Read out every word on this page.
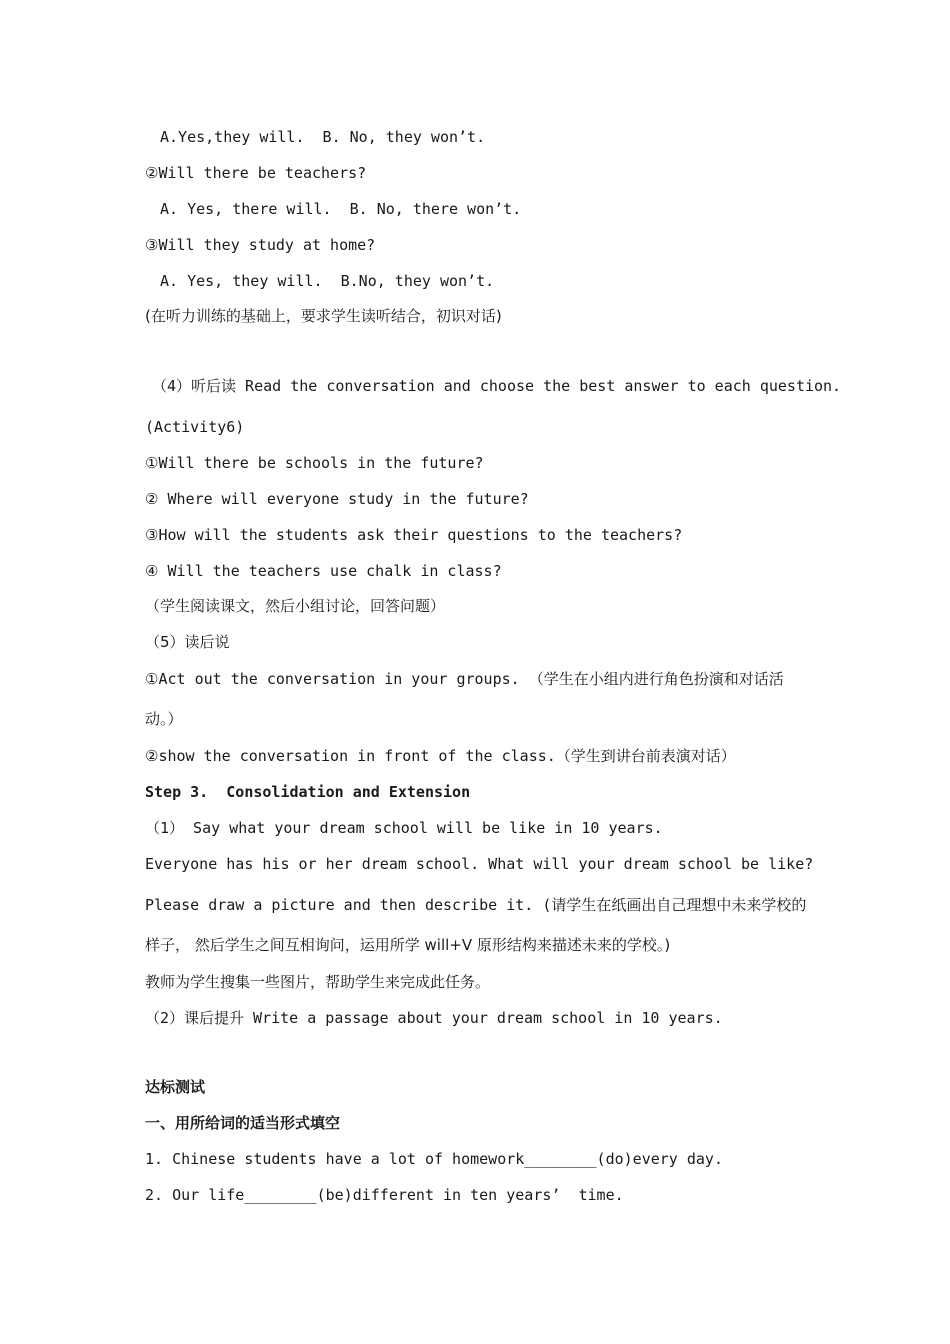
A.Yes,they will.  B. No, they won’t.
②Will there be teachers?
A. Yes, there will.  B. No, there won’t.
③Will they study at home?
A. Yes, they will.  B.No, they won’t.
(在听力训练的基础上，要求学生读听结合，初识对话)
（4）听后读 Read the conversation and choose the best answer to each question.
(Activity6)
①Will there be schools in the future?
② Where will everyone study in the future?
③How will the students ask their questions to the teachers?
④ Will the teachers use chalk in class?
（学生阅读课文，然后小组讨论，回答问题）
（5）读后说
①Act out the conversation in your groups. （学生在小组内进行角色扮演和对话活
动。）
②show the conversation in front of the class.（学生到讲台前表演对话）
Step 3.  Consolidation and Extension
（1） Say what your dream school will be like in 10 years.
Everyone has his or her dream school. What will your dream school be like?
Please draw a picture and then describe it. (请学生在纸画出自己理想中未来学校的
样子， 然后学生之间互相询问，运用所学 will+V 原形结构来描述未来的学校。)
教师为学生搜集一些图片，帮助学生来完成此任务。
（2）课后提升 Write a passage about your dream school in 10 years.
达标测试
一、用所给词的适当形式填空
1. Chinese students have a lot of homework________(do)every day.
2. Our life________(be)different in ten years’  time.
